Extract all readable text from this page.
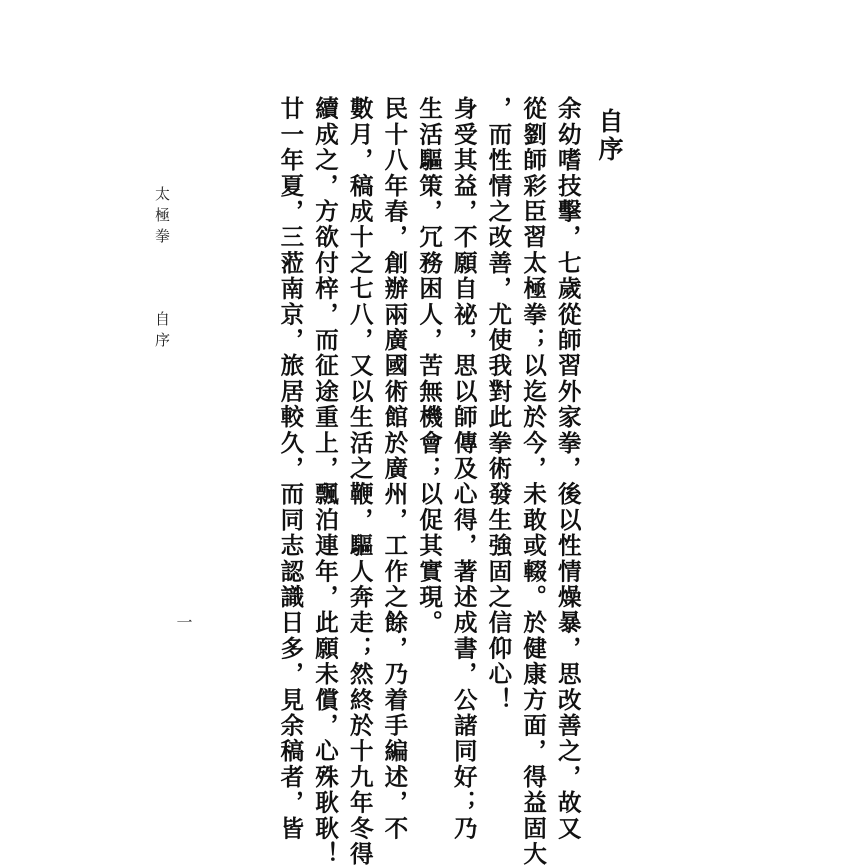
自序
余幼嗜技擊，七歲從師習外家拳，後以性情燥暴，思改善之，故又
從劉師彩臣習太極拳；以迄於今，未敢或輟。於健康方面，得益固大
，而性情之改善，尤使我對此拳術發生強固之信仰心！
身受其益，不願自祕，思以師傳及心得，著述成書，公諸同好；乃
生活驅策，冗務困人，苦無機會；以促其實現。
民十八年春，創辦兩廣國術館於廣州，工作之餘，乃着手編述，不
數月，稿成十之七八，又以生活之鞭，驅人奔走；然終於十九年冬得
續成之，方欲付梓，而征途重上，飄泊連年，此願未償，心殊耿耿！
廿一年夏，三蒞南京，旅居較久，而同志認識日多，見余稿者，皆
太極拳  自序
一
